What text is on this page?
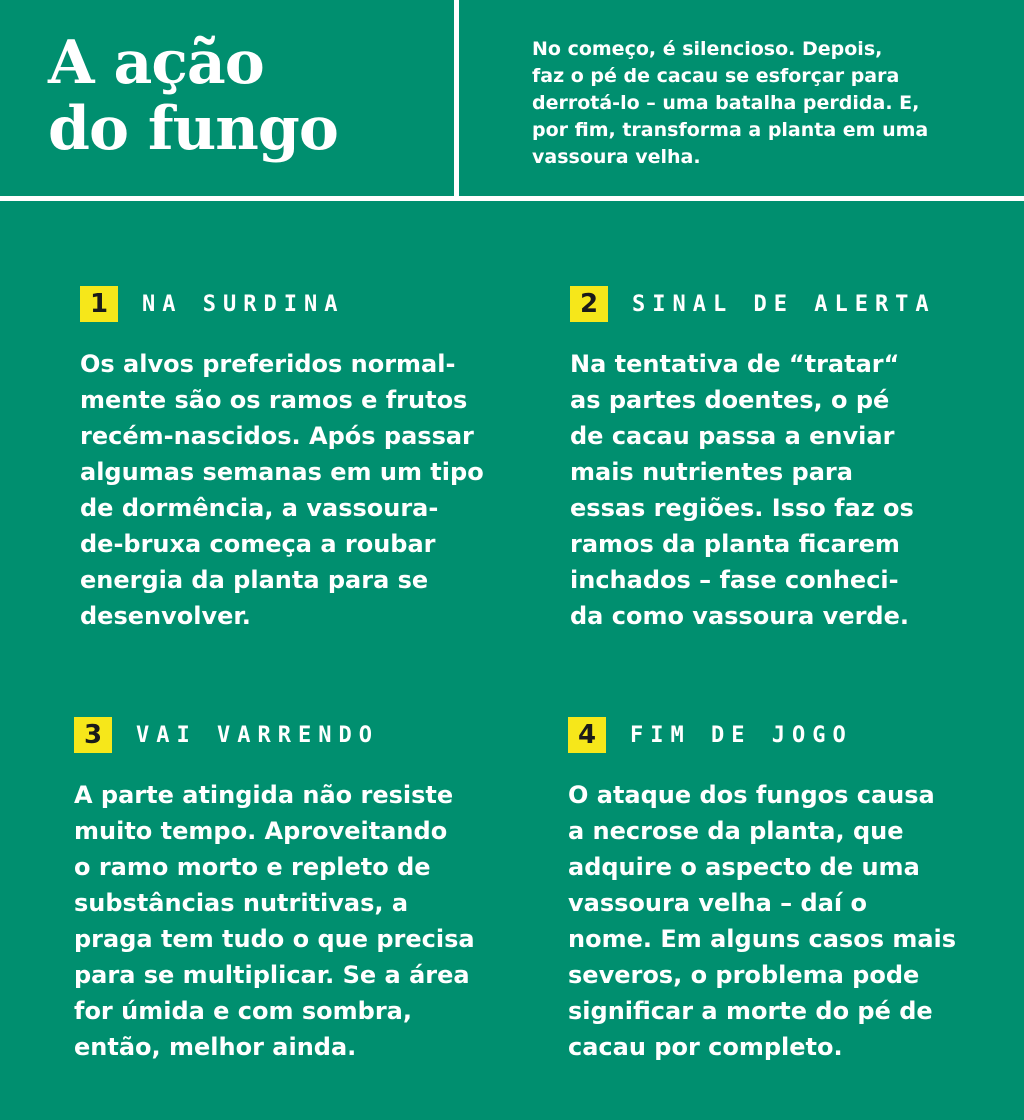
A ação
do fungo

No começo, é silencioso. Depois,
faz o pé de cacau se esforçar para
derrotá-lo – uma batalha perdida. E,
por fim, transforma a planta em uma
vassoura velha.

1	NA SURDINA
Os alvos preferidos normal-
mente são os ramos e frutos
recém-nascidos. Após passar
algumas semanas em um tipo
de dormência, a vassoura-
de-bruxa começa a roubar
energia da planta para se
desenvolver.
2	SINAL DE ALERTA
Na tentativa de “tratar“
as partes doentes, o pé
de cacau passa a enviar
mais nutrientes para
essas regiões. Isso faz os
ramos da planta ficarem
inchados – fase conheci-
da como vassoura verde.
3	VAI VARRENDO
A parte atingida não resiste
muito tempo. Aproveitando
o ramo morto e repleto de
substâncias nutritivas, a
praga tem tudo o que precisa
para se multiplicar. Se a área
for úmida e com sombra,
então, melhor ainda.
4	FIM DE JOGO
O ataque dos fungos causa
a necrose da planta, que
adquire o aspecto de uma
vassoura velha – daí o
nome. Em alguns casos mais
severos, o problema pode
significar a morte do pé de
cacau por completo.
